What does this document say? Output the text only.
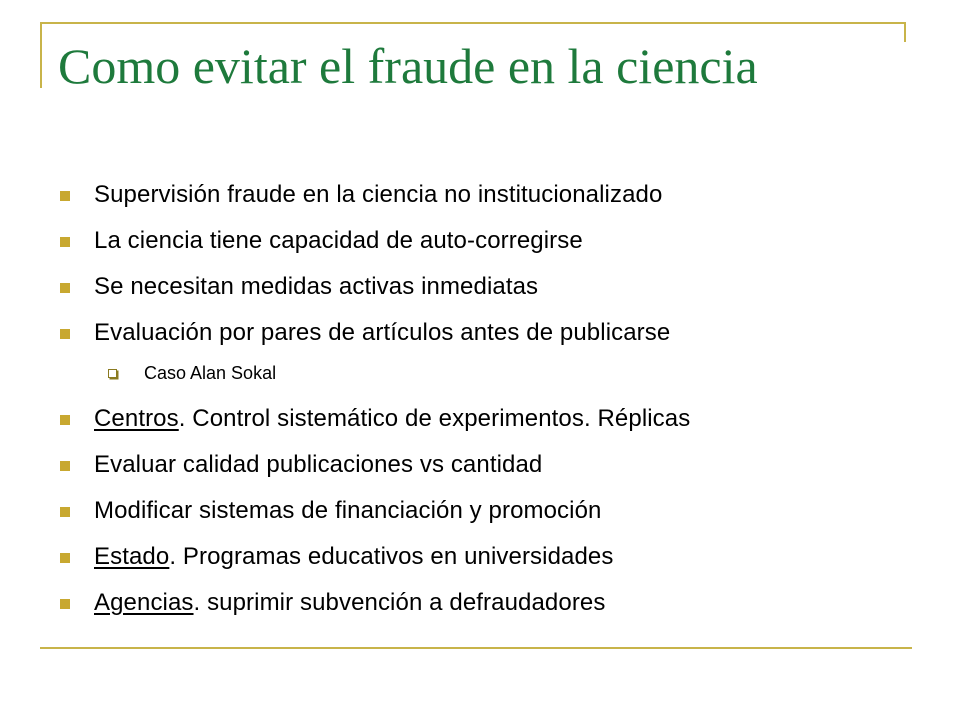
Como evitar el fraude en la ciencia
Supervisión fraude en la ciencia no institucionalizado
La ciencia tiene capacidad de auto-corregirse
Se necesitan medidas activas inmediatas
Evaluación por pares de artículos antes de publicarse
Caso Alan Sokal
Centros. Control sistemático de experimentos. Réplicas
Evaluar calidad publicaciones vs cantidad
Modificar sistemas de financiación y promoción
Estado. Programas educativos en universidades
Agencias. suprimir subvención a defraudadores
